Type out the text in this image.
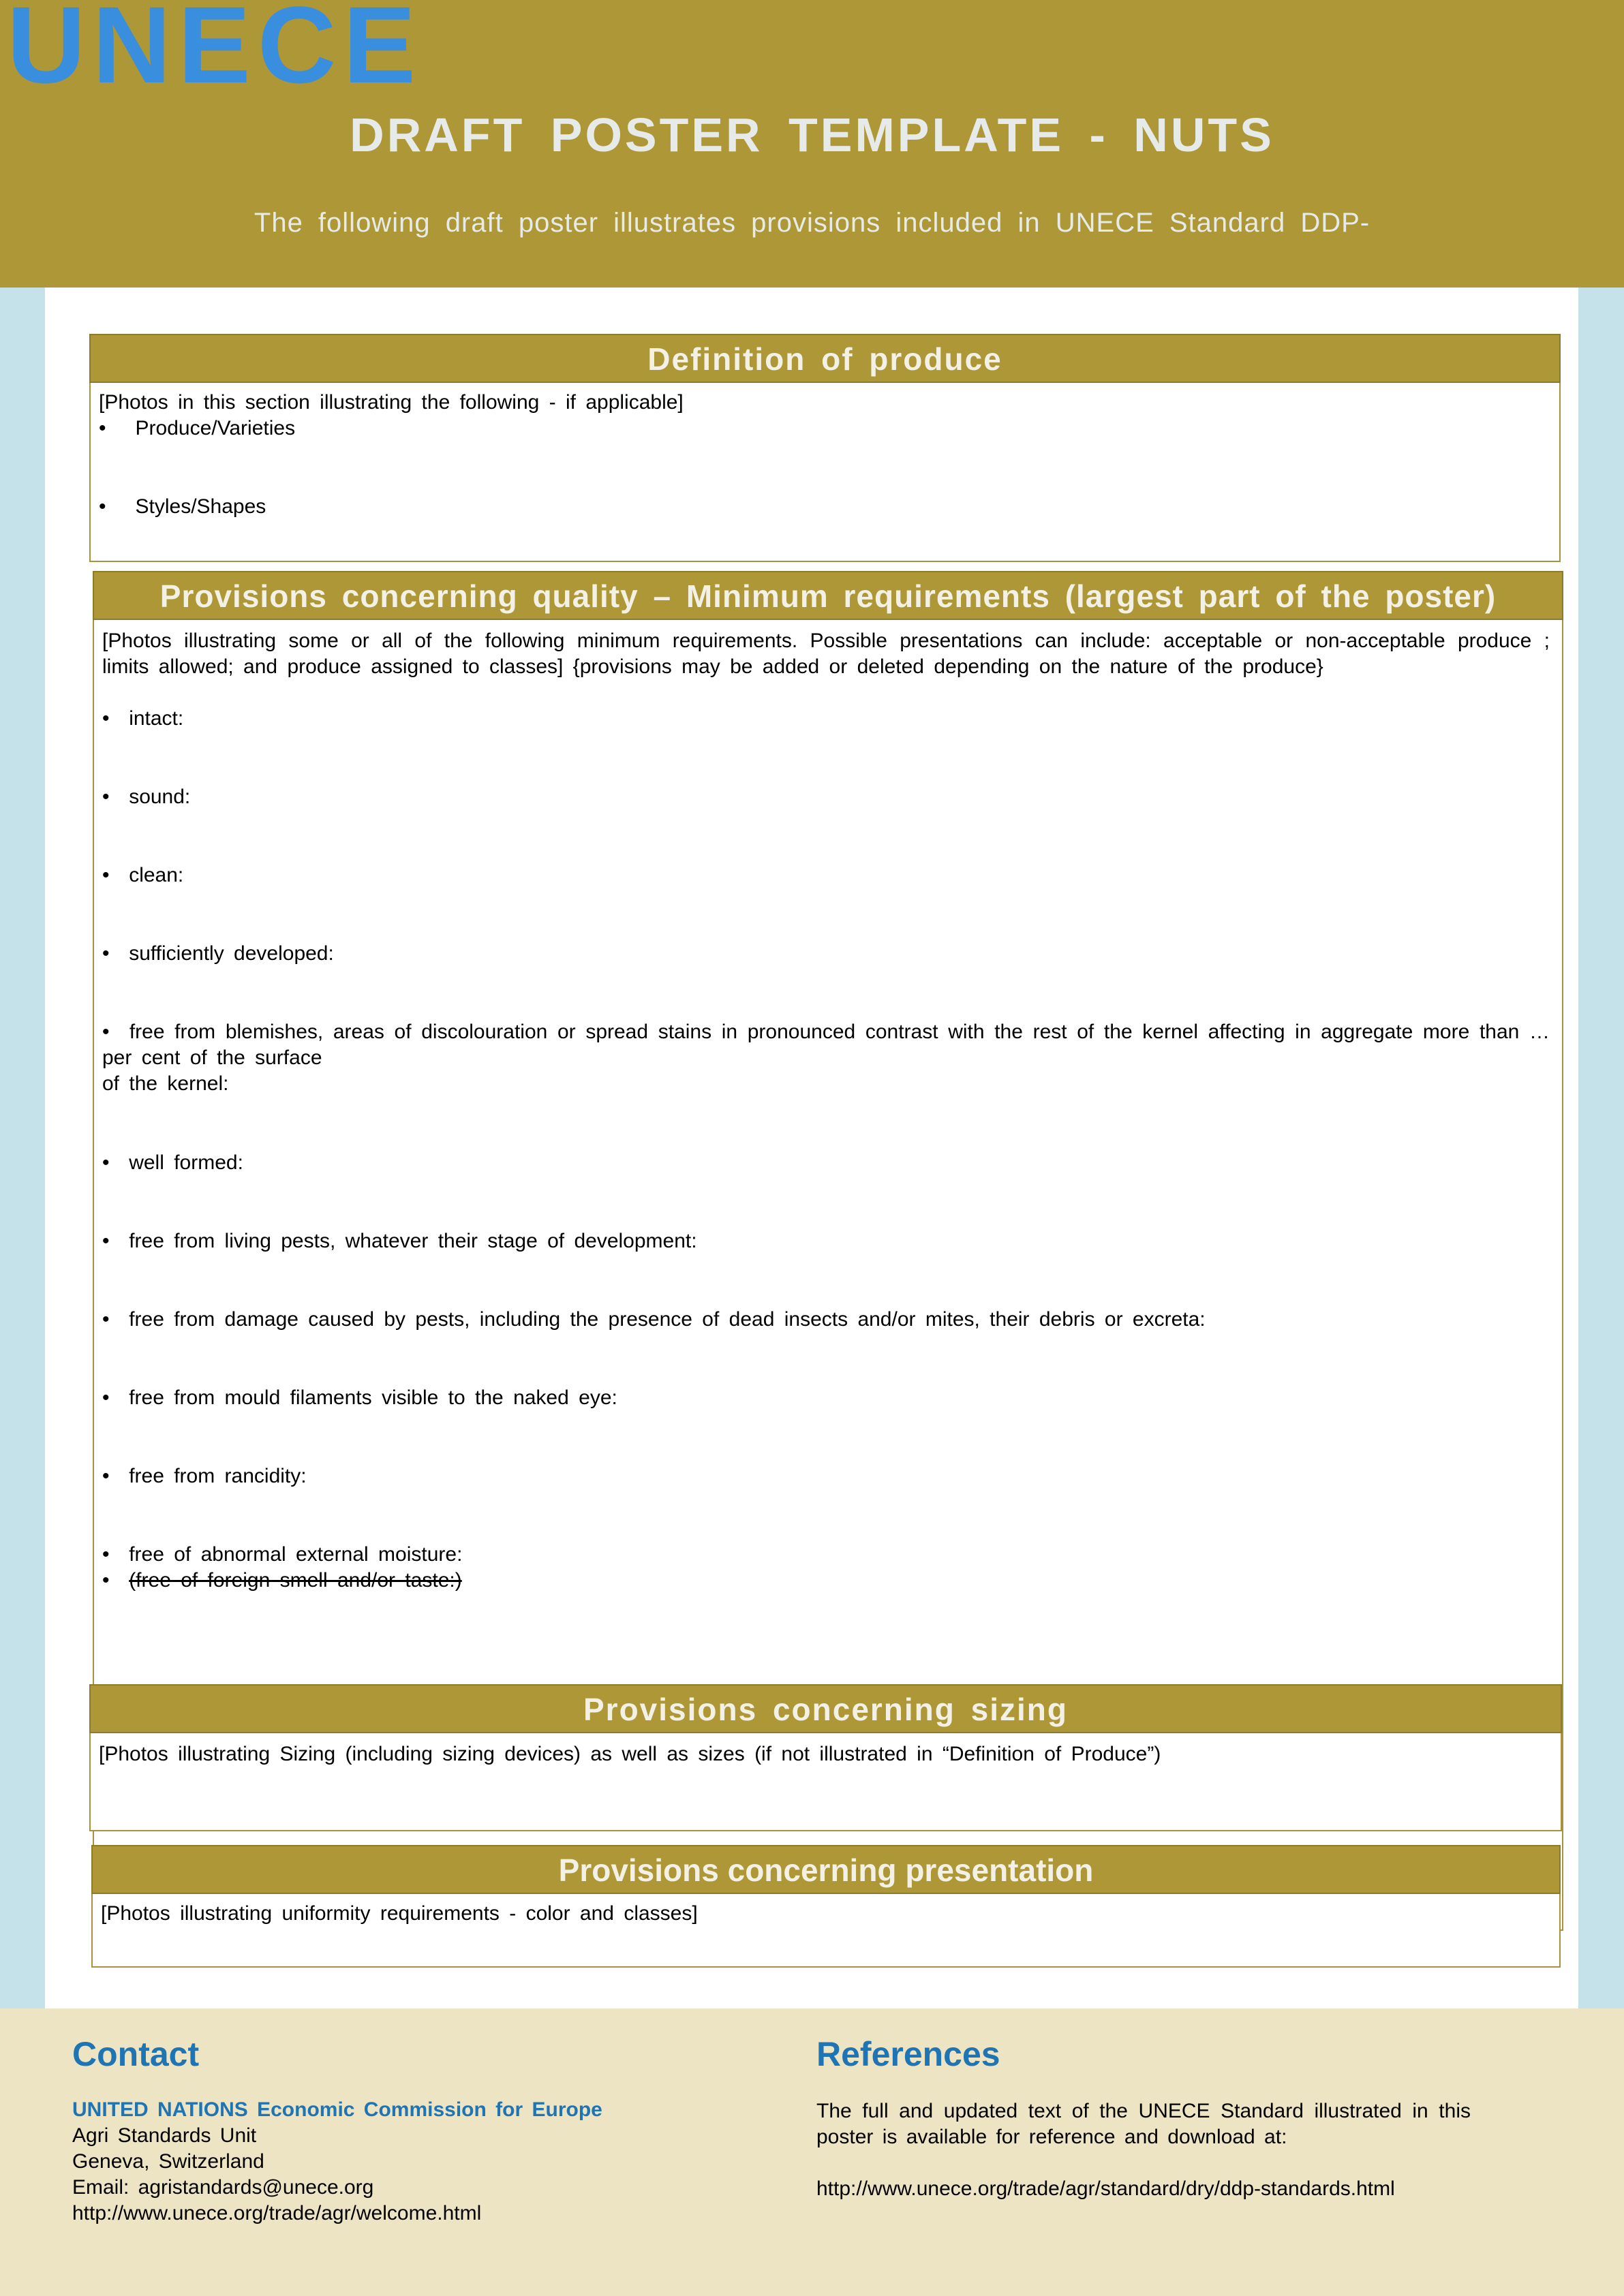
UNECE
DRAFT POSTER TEMPLATE - NUTS
The following draft poster illustrates provisions included in UNECE Standard DDP-
Definition of produce
[Photos in this section illustrating the following - if applicable]
•   Produce/Varieties
•   Styles/Shapes
Provisions concerning quality – Minimum requirements (largest part of the poster)
[Photos illustrating some or all of the following minimum requirements. Possible presentations can include: acceptable or non-acceptable produce ; limits allowed; and produce assigned to classes] {provisions may be added or deleted depending on the nature of the produce}
•  intact:
•  sound:
•  clean:
•  sufficiently developed:
•  free from blemishes, areas of discolouration or spread stains in pronounced contrast with the rest of the kernel affecting in aggregate more than … per cent of the surface
of the kernel:
•  well formed:
•  free from living pests, whatever their stage of development:
•  free from damage caused by pests, including the presence of dead insects and/or mites, their debris or excreta:
•  free from mould filaments visible to the naked eye:
•  free from rancidity:
•  free of abnormal external moisture:
•  (free of foreign smell and/or taste:)
Provisions concerning sizing
[Photos illustrating Sizing (including sizing devices) as well as sizes (if not illustrated in “Definition of Produce”)
Provisions concerning presentation
[Photos illustrating uniformity requirements - color and classes]
Contact
UNITED NATIONS Economic Commission for Europe
Agri Standards Unit
Geneva, Switzerland
Email: agristandards@unece.org
http://www.unece.org/trade/agr/welcome.html
References
The full and updated text of the UNECE Standard illustrated in this poster is available for reference and download at:
http://www.unece.org/trade/agr/standard/dry/ddp-standards.html
